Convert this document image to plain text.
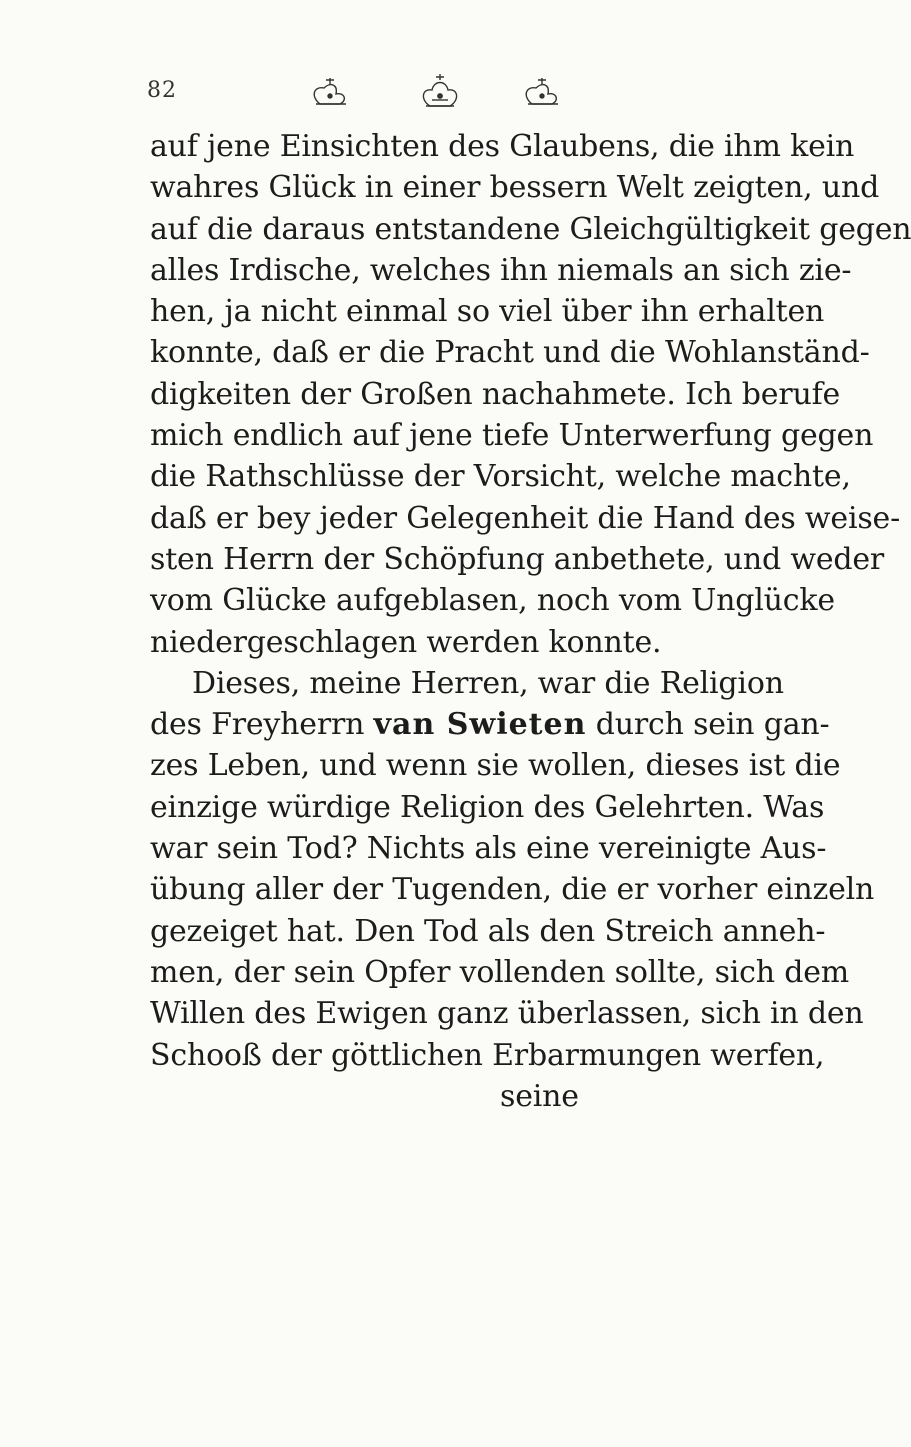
82
auf jene Einsichten des Glaubens, die ihm kein
wahres Glück in einer bessern Welt zeigten, und
auf die daraus entstandene Gleichgültigkeit gegen
alles Irdische, welches ihn niemals an sich zie-
hen, ja nicht einmal so viel über ihn erhalten
konnte, daß er die Pracht und die Wohlanständ-
digkeiten der Großen nachahmete. Ich berufe
mich endlich auf jene tiefe Unterwerfung gegen
die Rathschlüsse der Vorsicht, welche machte,
daß er bey jeder Gelegenheit die Hand des weise-
sten Herrn der Schöpfung anbethete, und weder
vom Glücke aufgeblasen, noch vom Unglücke
niedergeschlagen werden konnte.
Dieses, meine Herren, war die Religion
des Freyherrn van Swieten durch sein gan-
zes Leben, und wenn sie wollen, dieses ist die
einzige würdige Religion des Gelehrten. Was
war sein Tod? Nichts als eine vereinigte Aus-
übung aller der Tugenden, die er vorher einzeln
gezeiget hat. Den Tod als den Streich anneh-
men, der sein Opfer vollenden sollte, sich dem
Willen des Ewigen ganz überlassen, sich in den
Schooß der göttlichen Erbarmungen werfen,
seine
